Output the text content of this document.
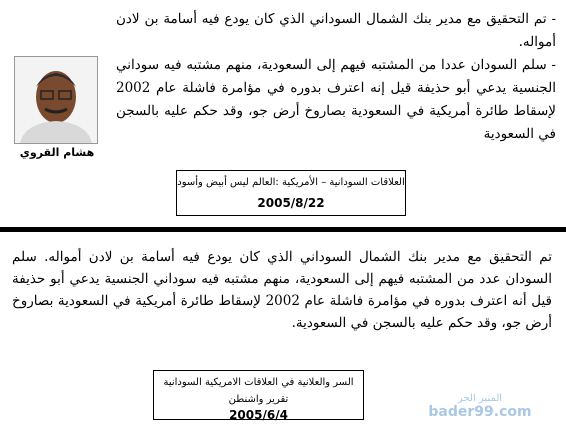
- تم التحقيق مع مدير بنك الشمال السوداني الذي كان يودع فيه أسامة بن لادن أمواله.

- سلم السودان عددا من المشتبه فيهم إلى السعودية، منهم مشتبه فيه سوداني الجنسية يدعي أبو حذيفة قيل إنه اعترف بدوره في مؤامرة فاشلة عام 2002 لإسقاط طائرة أمريكية في السعودية بصاروخ أرض جو، وقد حكم عليه بالسجن في السعودية

هشام القروي
العلاقات السودانية – الأمريكية :العالم ليس أبيض وأسود
2005/8/22
تم التحقيق مع مدير بنك الشمال السوداني الذي كان يودع فيه أسامة بن لادن أمواله. سلم السودان عدد من المشتبه فيهم إلى السعودية، منهم مشتبه فيه سوداني الجنسية يدعي أبو حذيفة قيل أنه اعترف بدوره في مؤامرة فاشلة عام 2002 لإسقاط طائرة أمريكية في السعودية بصاروخ أرض جو، وقد حكم عليه بالسجن في السعودية.
السر والعلانية في العلاقات الامريكية السودانية
تقرير واشنطن
2005/6/4
المنبر الحر
bader99.com
